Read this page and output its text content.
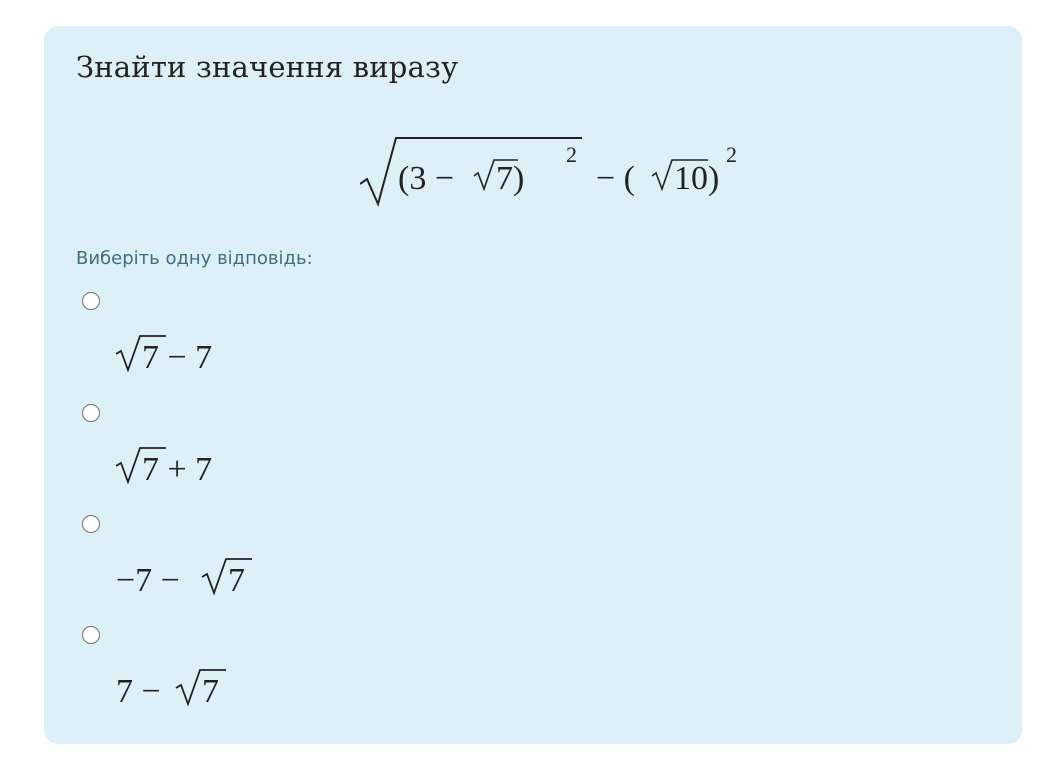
Знайти значення виразу
(3 − 7)
2
− ( 10)
2
Виберіть одну відповідь:
7 − 7
7 + 7
−7 − 7
7 − 7
